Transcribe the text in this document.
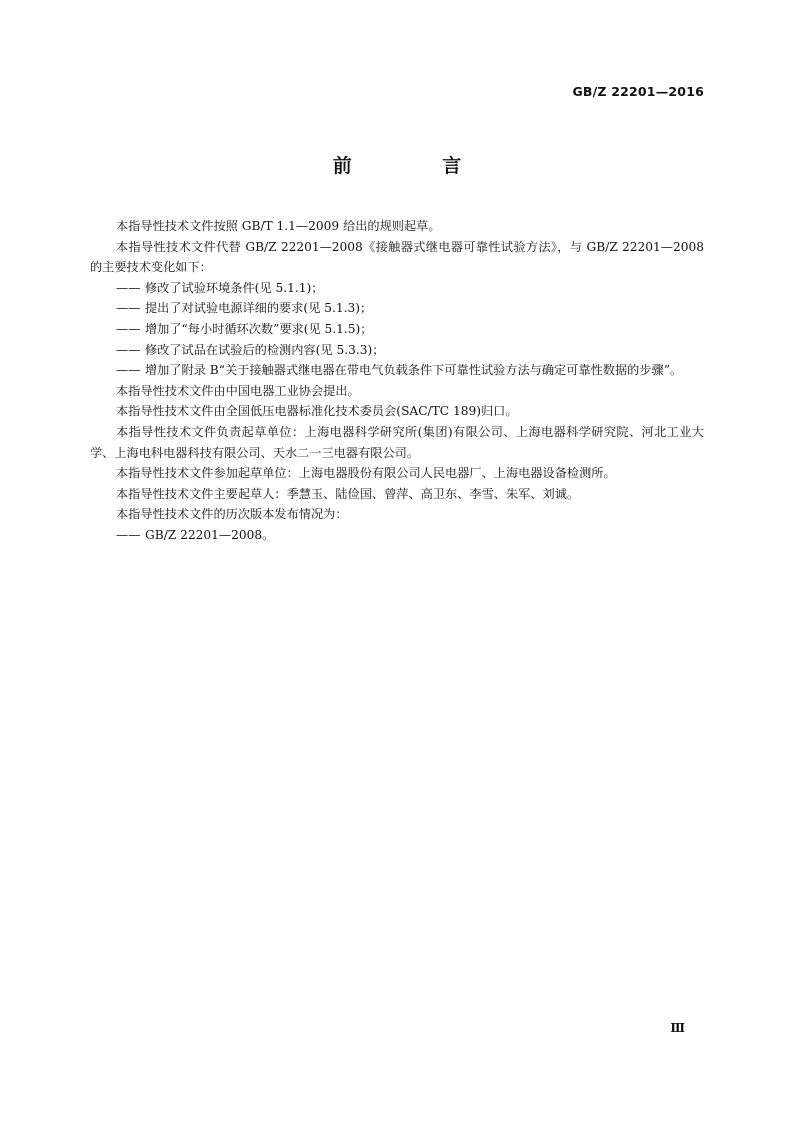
GB/Z 22201—2016
前 言

本指导性技术文件按照 GB/T 1.1—2009 给出的规则起草。

本指导性技术文件代替 GB/Z 22201—2008《接触器式继电器可靠性试验方法》，与 GB/Z 22201—2008的主要技术变化如下：

—— 修改了试验环境条件(见 5.1.1)；

—— 提出了对试验电源详细的要求(见 5.1.3)；

—— 增加了“每小时循环次数”要求(见 5.1.5)；

—— 修改了试品在试验后的检测内容(见 5.3.3)；

—— 增加了附录 B“关于接触器式继电器在带电气负载条件下可靠性试验方法与确定可靠性数据的步骤”。

本指导性技术文件由中国电器工业协会提出。

本指导性技术文件由全国低压电器标准化技术委员会(SAC/TC 189)归口。

本指导性技术文件负责起草单位：上海电器科学研究所(集团)有限公司、上海电器科学研究院、河北工业大学、上海电科电器科技有限公司、天水二一三电器有限公司。

本指导性技术文件参加起草单位：上海电器股份有限公司人民电器厂、上海电器设备检测所。

本指导性技术文件主要起草人：季慧玉、陆俭国、曾萍、高卫东、李雪、朱军、刘诚。

本指导性技术文件的历次版本发布情况为：

—— GB/Z 22201—2008。

Ⅲ
